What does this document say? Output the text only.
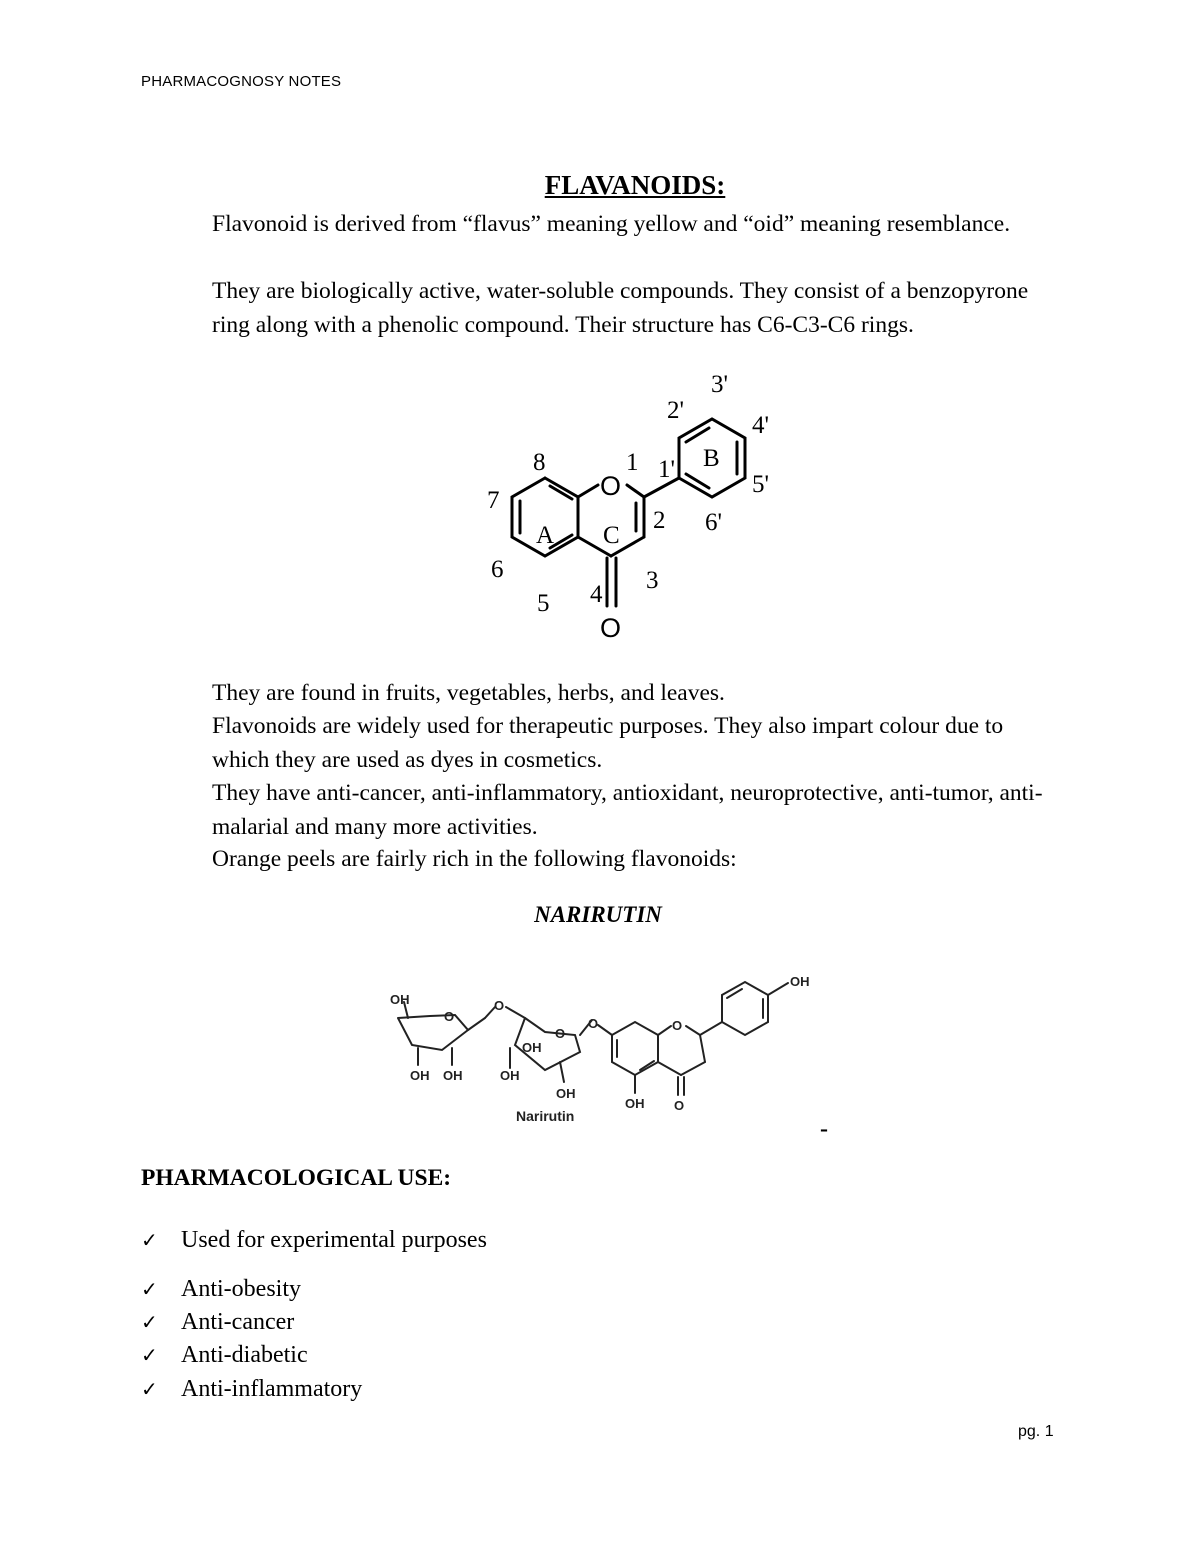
PHARMACOGNOSY NOTES
FLAVANOIDS:

Flavonoid is derived from “flavus” meaning yellow and “oid” meaning resemblance.

They are biologically active, water-soluble compounds. They consist of a benzopyrone ring along with a phenolic compound. Their structure has C6-C3-C6 rings.

A C
B
O
O
8	1
7
6
5 4
3
2
1'
2'
3'
4'
5'
6'

They are found in fruits, vegetables, herbs, and leaves.

Flavonoids are widely used for therapeutic purposes. They also impart colour due to which they are used as dyes in cosmetics.

They have anti-cancer, anti-inflammatory, antioxidant, neuroprotective, anti-tumor, anti-malarial and many more activities.

Orange peels are fairly rich in the following flavonoids:

NARIRUTIN
OH
O
OH OH
O
O
OH
OH
OH
O	O
OH O
OH
Narirutin	-
PHARMACOLOGICAL USE:
✓ Used for experimental purposes
✓ Anti-obesity
✓ Anti-cancer
✓ Anti-diabetic
✓ Anti-inflammatory
pg. 1
